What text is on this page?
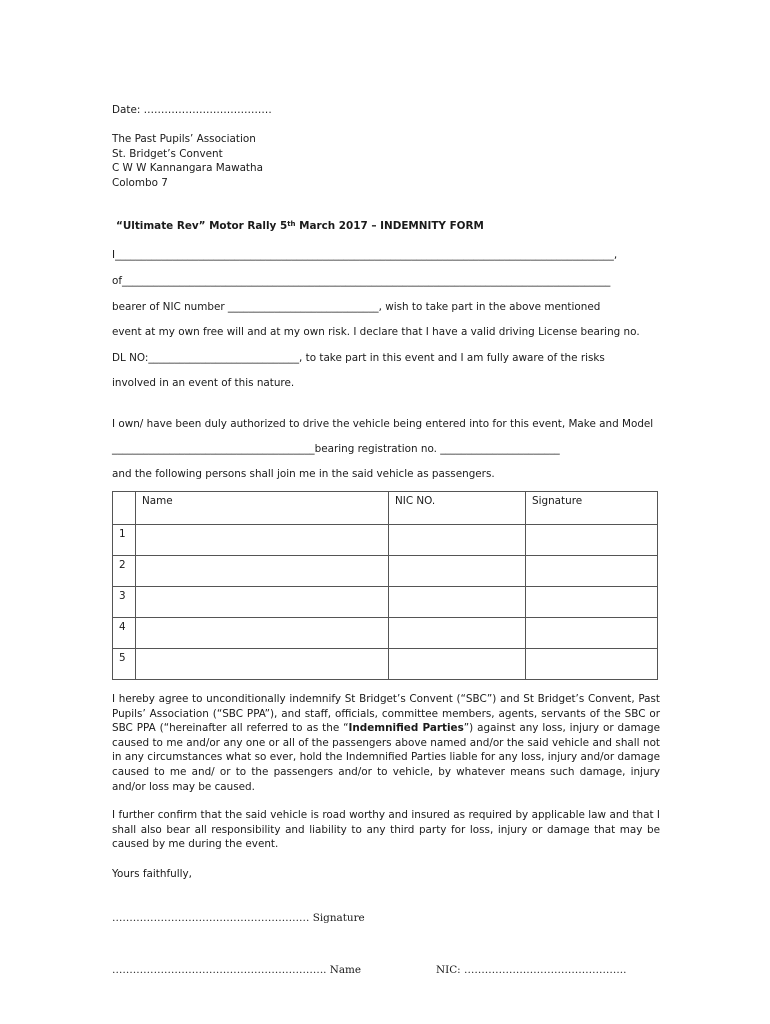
Date: ……………………………….
The Past Pupils’ Association
St. Bridget’s Convent
C W W Kannangara Mawatha
Colombo 7
“Ultimate Rev” Motor Rally 5th March 2017 – INDEMNITY FORM
I________________________________________________________________________________________________,
of______________________________________________________________________________________________
bearer of NIC number _____________________________, wish to take part in the above mentioned
event at my own free will and at my own risk. I declare that I have a valid driving License bearing no.
DL NO:_____________________________, to take part in this event and I am fully aware of the risks
involved in an event of this nature.
I own/ have been duly authorized to drive the vehicle being entered into for this event, Make and Model
_______________________________________bearing registration no. _______________________
and the following persons shall join me in the said vehicle as passengers.
	Name	NIC NO.	Signature
1			
2			
3			
4			
5			
I hereby agree to unconditionally indemnify St Bridget’s Convent (“SBC”) and St Bridget’s Convent, Past Pupils’ Association (“SBC PPA”), and staff, officials, committee members, agents, servants of the SBC or SBC PPA (“hereinafter all referred to as the “Indemnified Parties”) against any loss, injury or damage caused to me and/or any one or all of the passengers above named and/or the said vehicle and shall not in any circumstances what so ever, hold the Indemnified Parties liable for any loss, injury and/or damage caused to me and/ or to the passengers and/or to vehicle, by whatever means such damage, injury and/or loss may be caused.
I further confirm that the said vehicle is road worthy and insured as required by applicable law and that I shall also bear all responsibility and liability to any third party for loss, injury or damage that may be caused by me during the event.
Yours faithfully,
………………………………………………… Signature
…………………………………………………….. Name	NIC: ………………………………………..
